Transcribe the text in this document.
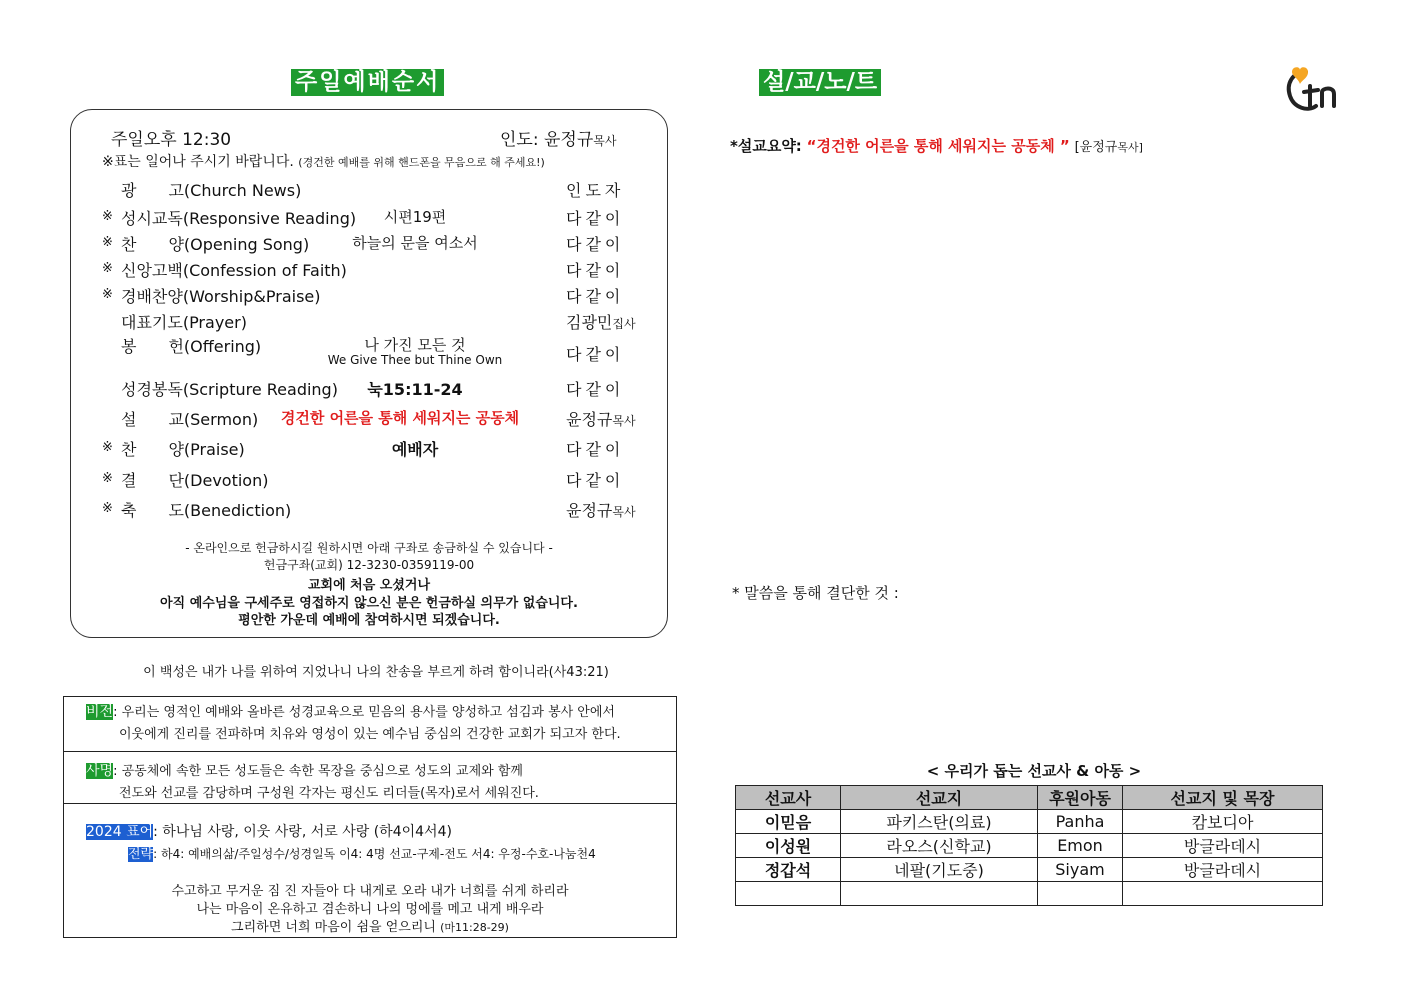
주일예배순서
주일오후 12:30	인도: 윤정규목사
※표는 일어나 주시기 바랍니다. (경건한 예배를 위해 핸드폰을 무음으로 해 주세요!)
광　　고(Church News)	인도자
※ 성시교독(Responsive Reading)	시편19편	다같이
※ 찬　　양(Opening Song)	하늘의 문을 여소서	다같이
※ 신앙고백(Confession of Faith)	다같이
※ 경배찬양(Worship&Praise)	다같이
대표기도(Prayer)	김광민집사
봉　　헌(Offering)	나 가진 모든 것
We Give Thee but Thine Own	다같이
성경봉독(Scripture Reading)	눅15:11-24	다같이
설　　교(Sermon)	경건한 어른을 통해 세워지는 공동체	윤정규목사
※ 찬　　양(Praise)	예배자	다같이
※ 결　　단(Devotion)	다같이
※ 축　　도(Benediction)	윤정규목사
- 온라인으로 헌금하시길 원하시면 아래 구좌로 송금하실 수 있습니다 -
헌금구좌(교회) 12-3230-0359119-00
교회에 처음 오셨거나
아직 예수님을 구세주로 영접하지 않으신 분은 헌금하실 의무가 없습니다.
평안한 가운데 예배에 참여하시면 되겠습니다.
이 백성은 내가 나를 위하여 지었나니 나의 찬송을 부르게 하려 함이니라(사43:21)
비전: 우리는 영적인 예배와 올바른 성경교육으로 믿음의 용사를 양성하고 섬김과 봉사 안에서
이웃에게 진리를 전파하며 치유와 영성이 있는 예수님 중심의 건강한 교회가 되고자 한다.
사명: 공동체에 속한 모든 성도들은 속한 목장을 중심으로 성도의 교제와 함께
전도와 선교를 감당하며 구성원 각자는 평신도 리더들(목자)로서 세워진다.
2024 표어: 하나님 사랑, 이웃 사랑, 서로 사랑 (하4이4서4)
전략: 하4: 예배의삶/주일성수/성경일독 이4: 4명 선교-구제-전도 서4: 우정-수호-나눔천4
수고하고 무거운 짐 진 자들아 다 내게로 오라 내가 너희를 쉬게 하리라
나는 마음이 온유하고 겸손하니 나의 멍에를 메고 내게 배우라
그리하면 너희 마음이 쉼을 얻으리니 (마11:28-29)
설/교/노/트
*설교요약: “경건한 어른을 통해 세워지는 공동체 ” [윤정규목사]
* 말씀을 통해 결단한 것 :
< 우리가 돕는 선교사 & 아동 >
선교사	선교지	후원아동	선교지 및 목장
이믿음	파키스탄(의료)	Panha	캄보디아
이성원	라오스(신학교)	Emon	방글라데시
정갑석	네팔(기도중)	Siyam	방글라데시
